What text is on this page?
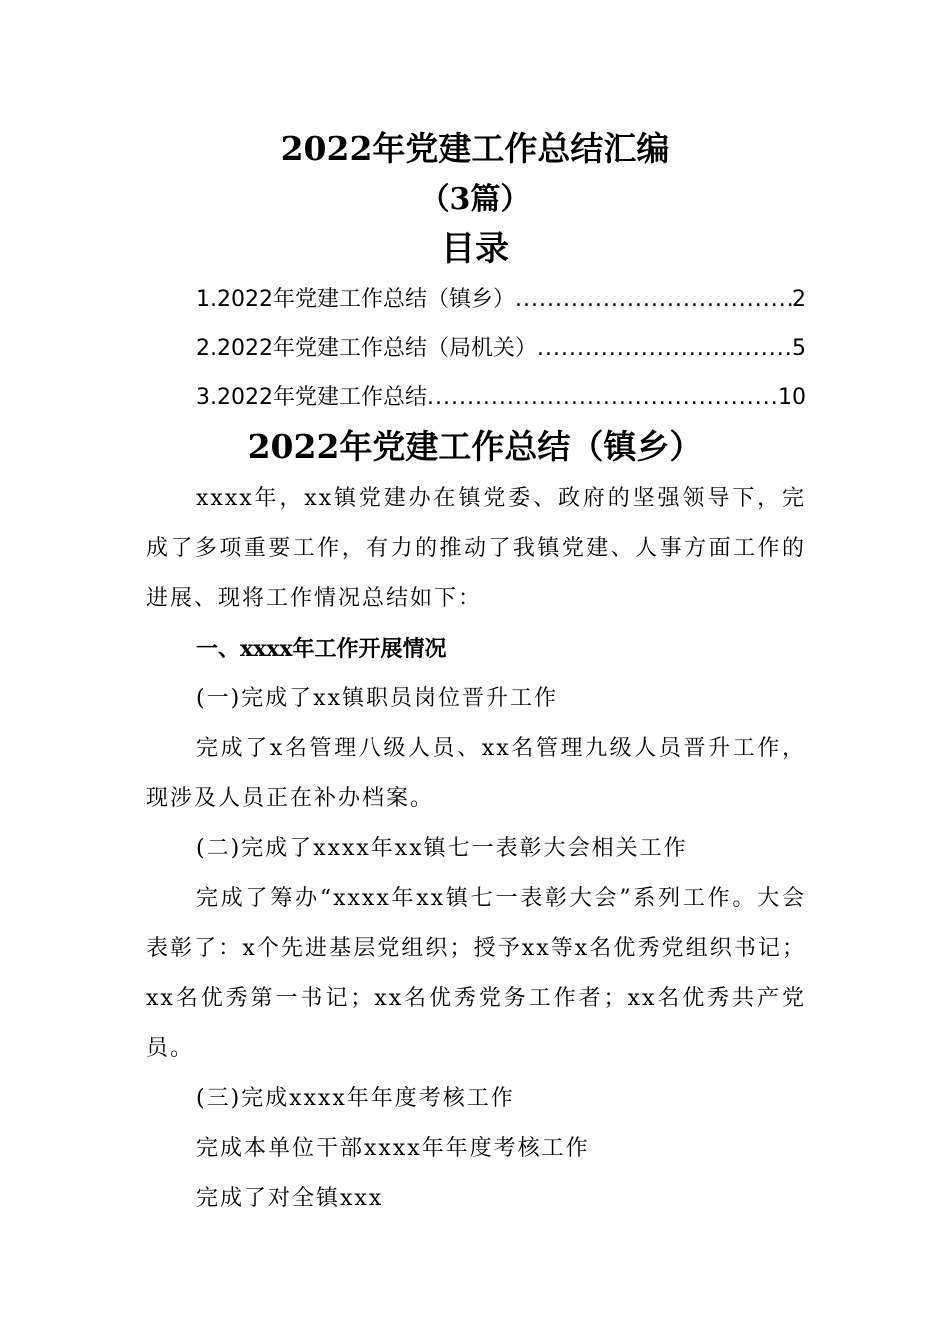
2022年党建工作总结汇编
（3篇）
目录
1.2022年党建工作总结（镇乡） .....	2
2.2022年党建工作总结（局机关） .....	5
3.2022年党建工作总结 .....	10
2022年党建工作总结（镇乡）

xxxx年，xx镇党建办在镇党委、政府的坚强领导下，完成了多项重要工作，有力的推动了我镇党建、人事方面工作的进展、现将工作情况总结如下：

一、xxxx年工作开展情况

(一)完成了xx镇职员岗位晋升工作

完成了x名管理八级人员、xx名管理九级人员晋升工作，现涉及人员正在补办档案。

(二)完成了xxxx年xx镇七一表彰大会相关工作

完成了筹办“xxxx年xx镇七一表彰大会”系列工作。大会表彰了：x个先进基层党组织；授予xx等x名优秀党组织书记；xx名优秀第一书记；xx名优秀党务工作者；xx名优秀共产党员。

(三)完成xxxx年年度考核工作

完成本单位干部xxxx年年度考核工作

完成了对全镇xxx
